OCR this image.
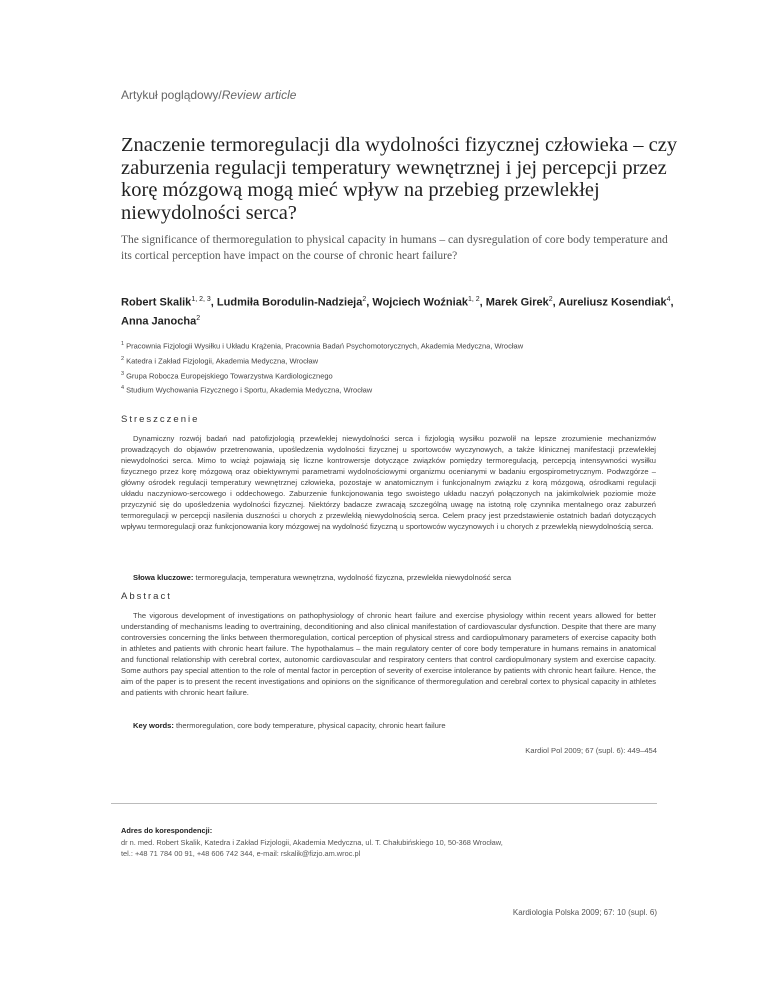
Artykuł poglądowy/Review article

Znaczenie termoregulacji dla wydolności fizycznej człowieka – czy zaburzenia regulacji temperatury wewnętrznej i jej percepcji przez korę mózgową mogą mieć wpływ na przebieg przewlekłej niewydolności serca?

The significance of thermoregulation to physical capacity in humans – can dysregulation of core body temperature and its cortical perception have impact on the course of chronic heart failure?

Robert Skalik$^{1, 2, 3}$, Ludmiła Borodulin-Nadzieja$^2$, Wojciech Woźniak$^{1, 2}$, Marek Girek$^2$, Aureliusz Kosendiak$^4$,
Anna Janocha$^2$

$^1$ Pracownia Fizjologii Wysiłku i Układu Krążenia, Pracownia Badań Psychomotorycznych, Akademia Medyczna, Wrocław
$^2$ Katedra i Zakład Fizjologii, Akademia Medyczna, Wrocław
$^3$ Grupa Robocza Europejskiego Towarzystwa Kardiologicznego
$^4$ Studium Wychowania Fizycznego i Sportu, Akademia Medyczna, Wrocław
Streszczenie

Dynamiczny rozwój badań nad patofizjologią przewlekłej niewydolności serca i fizjologią wysiłku pozwolił na lepsze zrozumienie mechanizmów prowadzących do objawów przetrenowania, upośledzenia wydolności fizycznej u sportowców wyczynowych, a także klinicznej manifestacji przewlekłej niewydolności serca. Mimo to wciąż pojawiają się liczne kontrowersje dotyczące związków pomiędzy termoregulacją, percepcją intensywności wysiłku fizycznego przez korę mózgową oraz obiektywnymi parametrami wydolnościowymi organizmu ocenianymi w badaniu ergospirometrycznym. Podwzgórze – główny ośrodek regulacji temperatury wewnętrznej człowieka, pozostaje w anatomicznym i funkcjonalnym związku z korą mózgową, ośrodkami regulacji układu naczyniowo-sercowego i oddechowego. Zaburzenie funkcjonowania tego swoistego układu naczyń połączonych na jakimkolwiek poziomie może przyczynić się do upośledzenia wydolności fizycznej. Niektórzy badacze zwracają szczególną uwagę na istotną rolę czynnika mentalnego oraz zaburzeń termoregulacji w percepcji nasilenia duszności u chorych z przewlekłą niewydolnością serca. Celem pracy jest przedstawienie ostatnich badań dotyczących wpływu termoregulacji oraz funkcjonowania kory mózgowej na wydolność fizyczną u sportowców wyczynowych i u chorych z przewlekłą niewydolnością serca.

Słowa kluczowe: termoregulacja, temperatura wewnętrzna, wydolność fizyczna, przewlekła niewydolność serca

Abstract

The vigorous development of investigations on pathophysiology of chronic heart failure and exercise physiology within recent years allowed for better understanding of mechanisms leading to overtraining, deconditioning and also clinical manifestation of cardiovascular dysfunction. Despite that there are many controversies concerning the links between thermoregulation, cortical perception of physical stress and cardiopulmonary parameters of exercise capacity both in athletes and patients with chronic heart failure. The hypothalamus – the main regulatory center of core body temperature in humans remains in anatomical and functional relationship with cerebral cortex, autonomic cardiovascular and respiratory centers that control cardiopulmonary system and exercise capacity. Some authors pay special attention to the role of mental factor in perception of severity of exercise intolerance by patients with chronic heart failure. Hence, the aim of the paper is to present the recent investigations and opinions on the significance of thermoregulation and cerebral cortex to physical capacity in athletes and patients with chronic heart failure.

Key words: thermoregulation, core body temperature, physical capacity, chronic heart failure

Kardiol Pol 2009; 67 (supl. 6): 449–454

Adres do korespondencji:
dr n. med. Robert Skalik, Katedra i Zakład Fizjologii, Akademia Medyczna, ul. T. Chałubińskiego 10, 50-368 Wrocław,
tel.: +48 71 784 00 91, +48 606 742 344, e-mail: rskalik@fizjo.am.wroc.pl

Kardiologia Polska 2009; 67: 10 (supl. 6)
